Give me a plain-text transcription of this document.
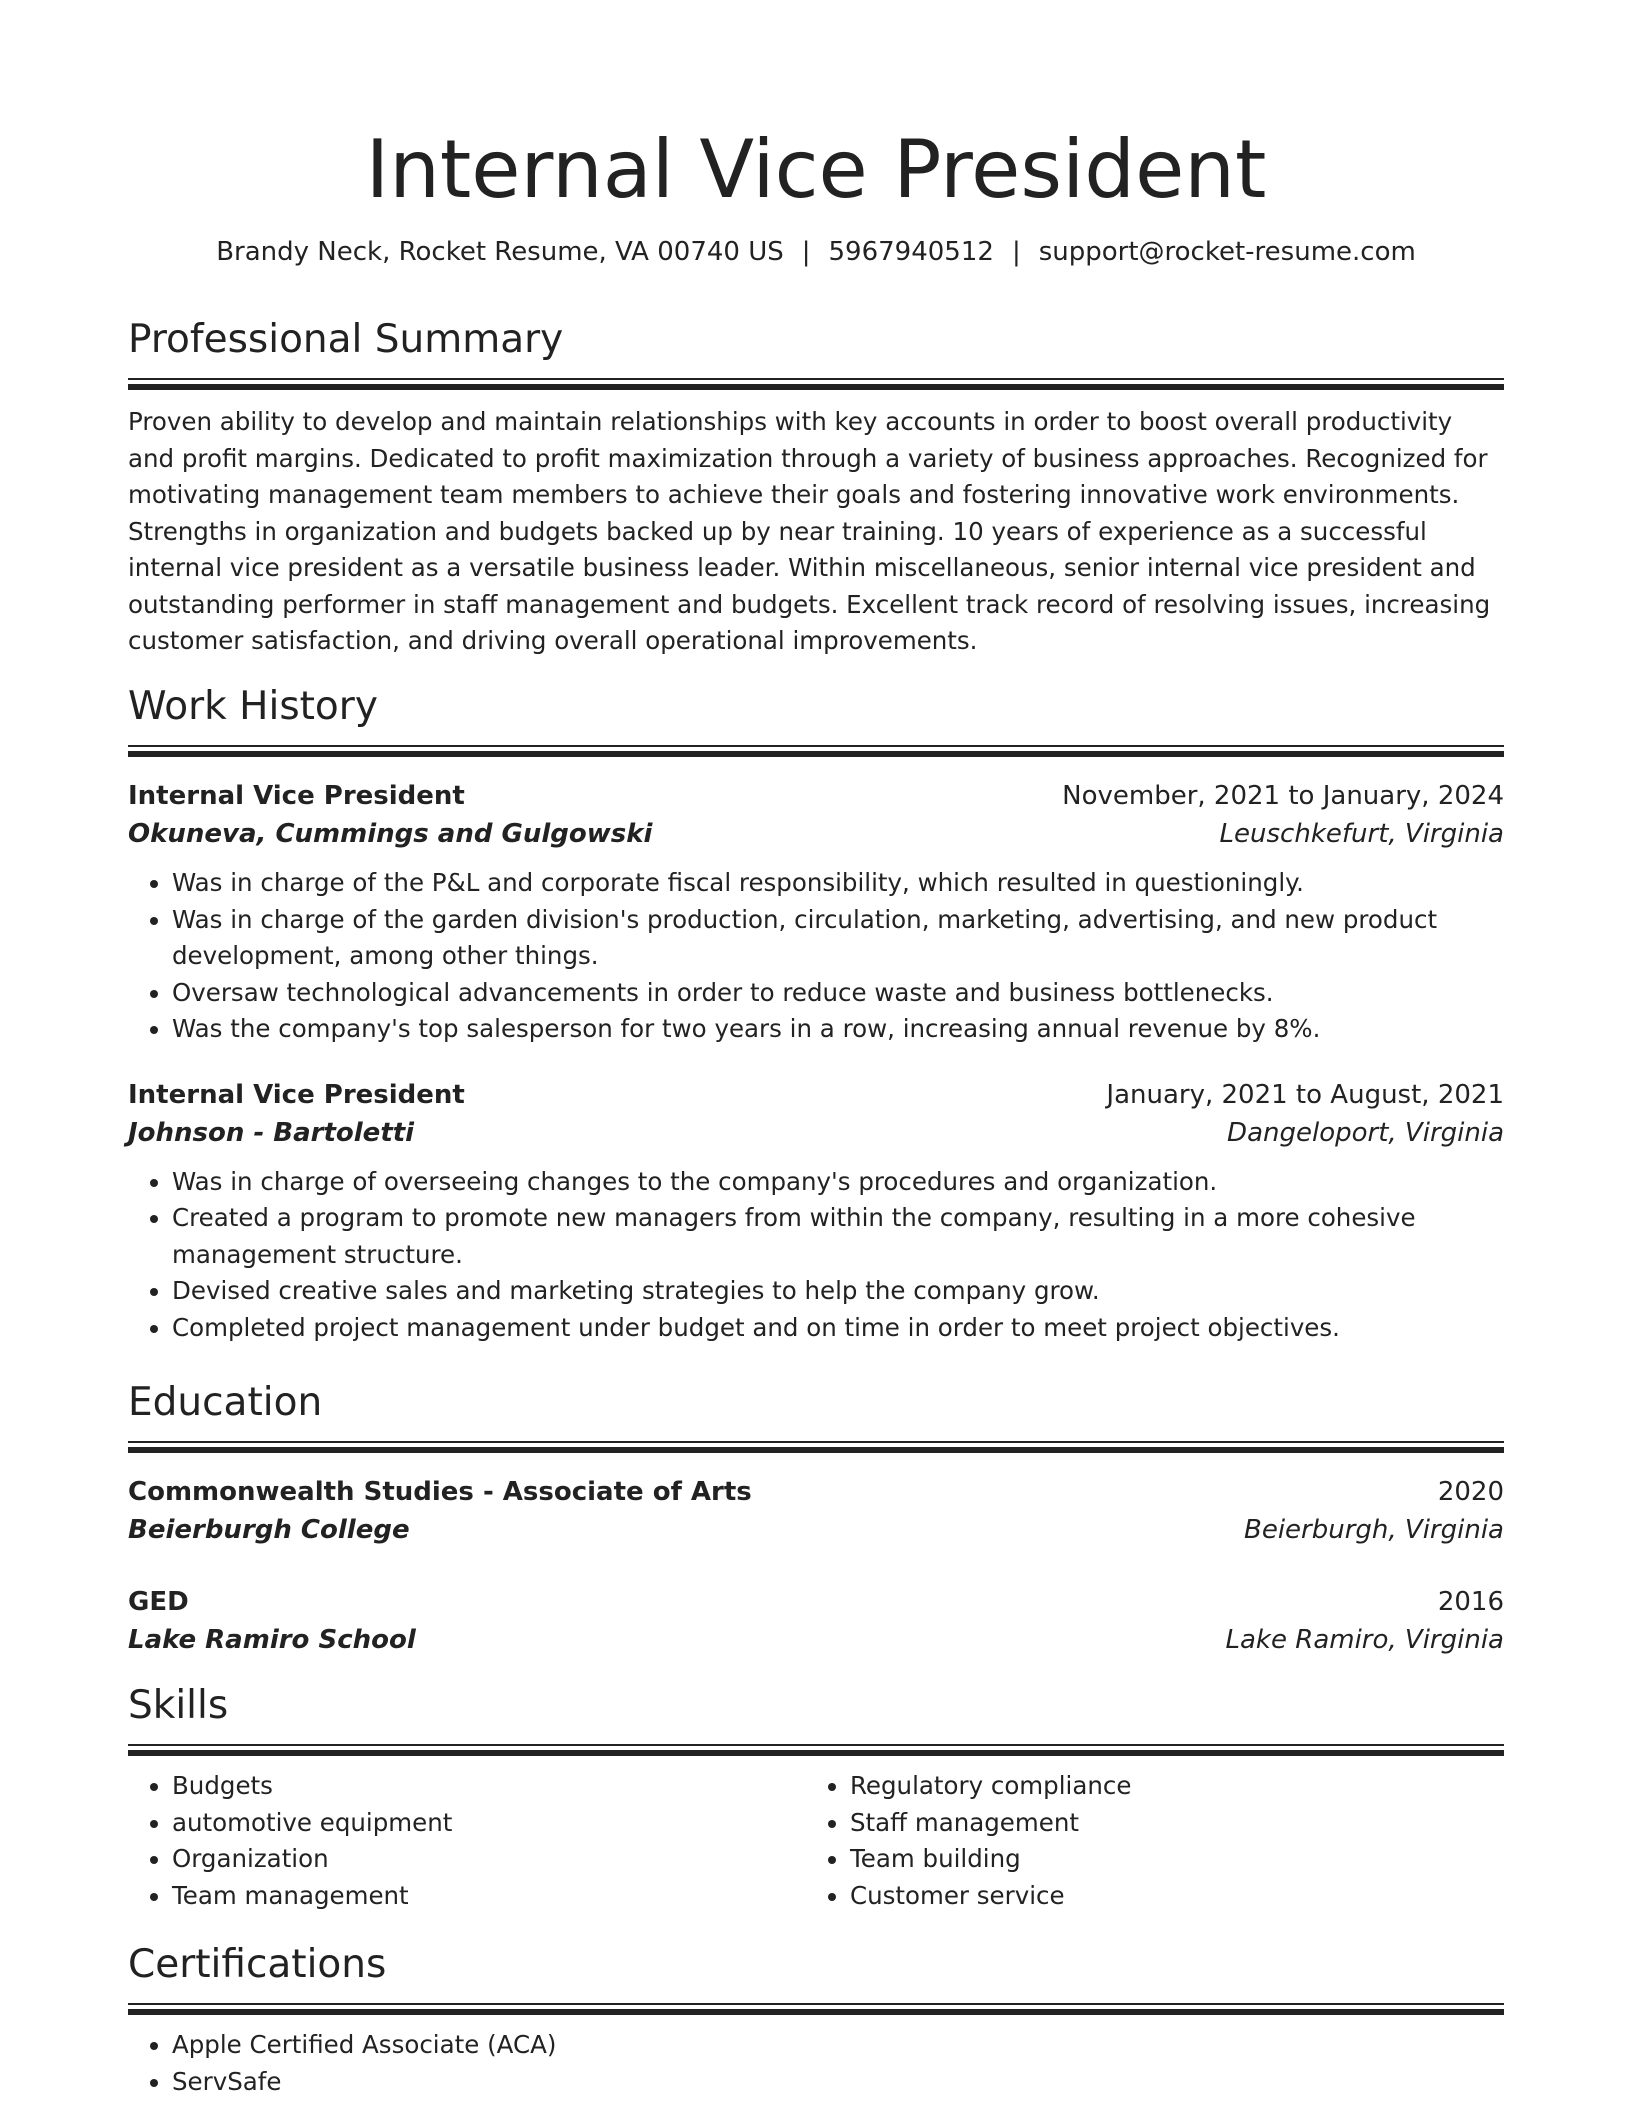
Internal Vice President
Brandy Neck, Rocket Resume, VA 00740 US | 5967940512 | support@rocket-resume.com
Professional Summary

Proven ability to develop and maintain relationships with key accounts in order to boost overall productivity and profit margins. Dedicated to profit maximization through a variety of business approaches. Recognized for motivating management team members to achieve their goals and fostering innovative work environments. Strengths in organization and budgets backed up by near training. 10 years of experience as a successful internal vice president as a versatile business leader. Within miscellaneous, senior internal vice president and outstanding performer in staff management and budgets. Excellent track record of resolving issues, increasing customer satisfaction, and driving overall operational improvements.

Work History
Internal Vice President	November, 2021 to January, 2024
Okuneva, Cummings and Gulgowski	Leuschkefurt, Virginia
• Was in charge of the P&L and corporate fiscal responsibility, which resulted in questioningly.
• Was in charge of the garden division's production, circulation, marketing, advertising, and new product development, among other things.
• Oversaw technological advancements in order to reduce waste and business bottlenecks.
• Was the company's top salesperson for two years in a row, increasing annual revenue by 8%.
Internal Vice President	January, 2021 to August, 2021
Johnson - Bartoletti	Dangeloport, Virginia
• Was in charge of overseeing changes to the company's procedures and organization.
• Created a program to promote new managers from within the company, resulting in a more cohesive management structure.
• Devised creative sales and marketing strategies to help the company grow.
• Completed project management under budget and on time in order to meet project objectives.
Education
Commonwealth Studies - Associate of Arts	2020
Beierburgh College	Beierburgh, Virginia
GED	2016
Lake Ramiro School	Lake Ramiro, Virginia
Skills
• Budgets
• automotive equipment
• Organization
• Team management
• Regulatory compliance
• Staff management
• Team building
• Customer service
Certifications
• Apple Certified Associate (ACA)
• ServSafe
